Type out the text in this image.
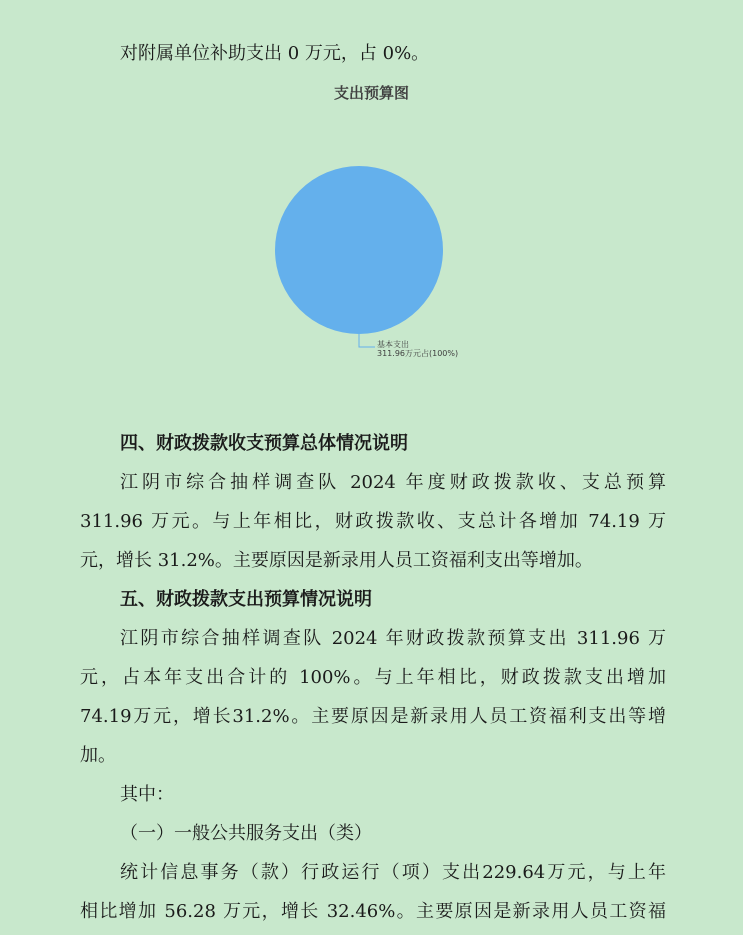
对附属单位补助支出 0 万元，占 0%。
支出预算图
基本支出
311.96万元占(100%)
四、财政拨款收支预算总体情况说明
江阴市综合抽样调查队 2024 年度财政拨款收、支总预算
311.96 万元。与上年相比，财政拨款收、支总计各增加 74.19 万
元，增长 31.2%。主要原因是新录用人员工资福利支出等增加。
五、财政拨款支出预算情况说明
江阴市综合抽样调查队 2024 年财政拨款预算支出 311.96 万
元，占本年支出合计的 100%。与上年相比，财政拨款支出增加
74.19万元，增长31.2%。主要原因是新录用人员工资福利支出等增
加。
其中：
（一）一般公共服务支出（类）
统计信息事务（款）行政运行（项）支出229.64万元，与上年
相比增加 56.28 万元，增长 32.46%。主要原因是新录用人员工资福
